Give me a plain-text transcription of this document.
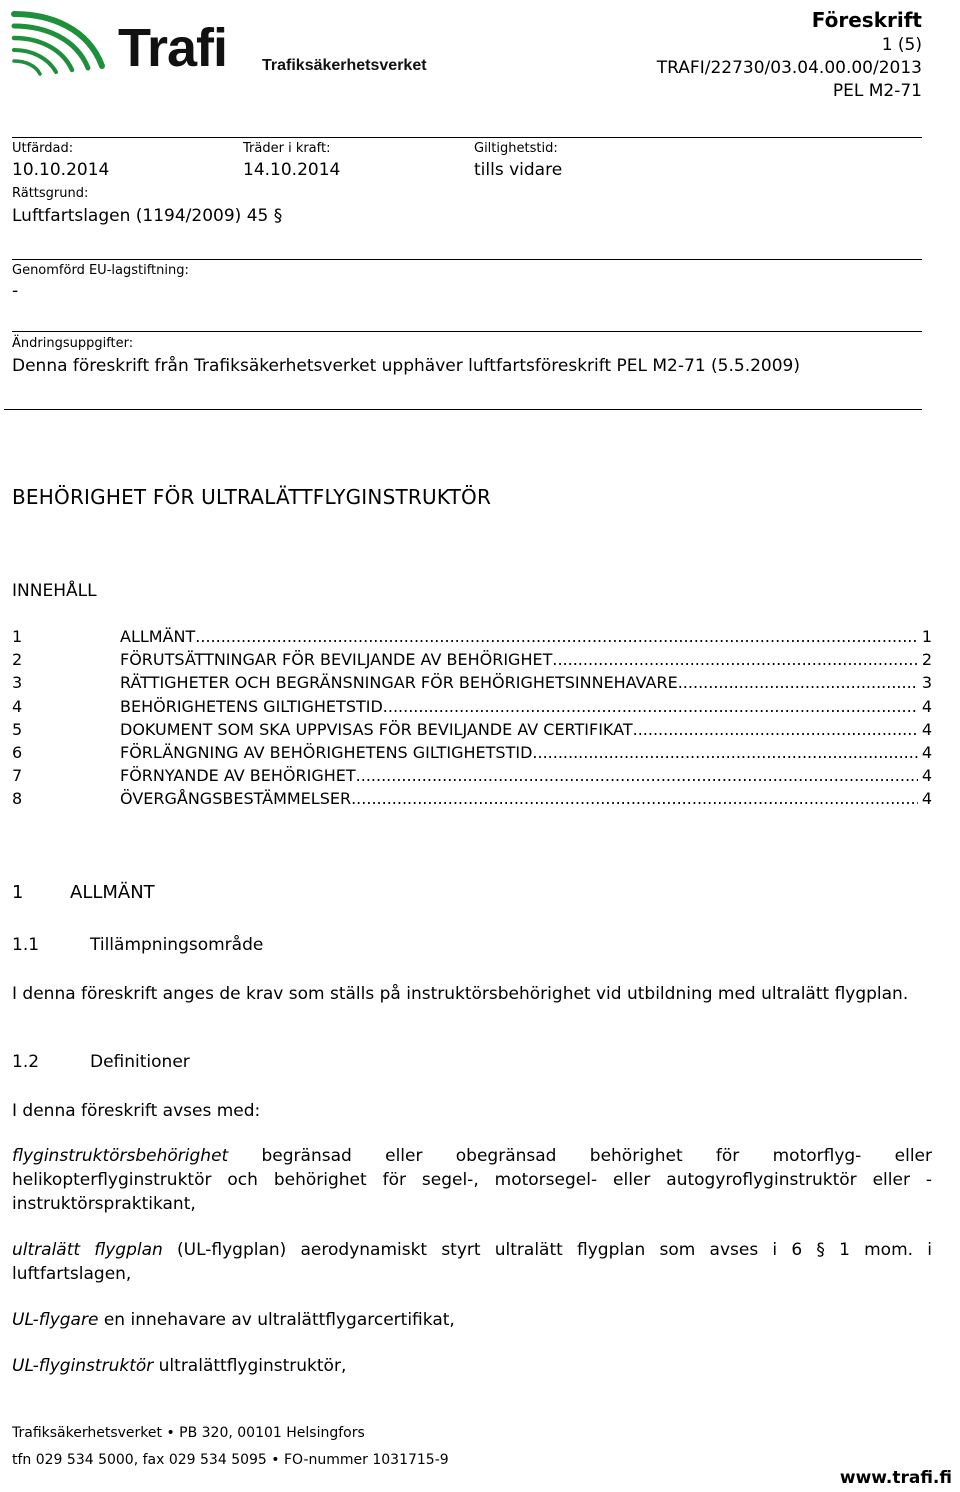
Trafi Trafiksäkerhetsverket
Föreskrift
1 (5)
TRAFI/22730/03.04.00.00/2013
PEL M2-71
Utfärdad:
10.10.2014
Träder i kraft:
14.10.2014
Giltighetstid:
tills vidare
Rättsgrund:
Luftfartslagen (1194/2009) 45 §
Genomförd EU-lagstiftning:
-
Ändringsuppgifter:
Denna föreskrift från Trafiksäkerhetsverket upphäver luftfartsföreskrift PEL M2-71 (5.5.2009)
BEHÖRIGHET FÖR ULTRALÄTTFLYGINSTRUKTÖR
INNEHÅLL
1	ALLMÄNT .....	1
2	FÖRUTSÄTTNINGAR FÖR BEVILJANDE AV BEHÖRIGHET .....	2
3	RÄTTIGHETER OCH BEGRÄNSNINGAR FÖR BEHÖRIGHETSINNEHAVARE .....	3
4	BEHÖRIGHETENS GILTIGHETSTID .....	4
5	DOKUMENT SOM SKA UPPVISAS FÖR BEVILJANDE AV CERTIFIKAT .....	4
6	FÖRLÄNGNING AV BEHÖRIGHETENS GILTIGHETSTID .....	4
7	FÖRNYANDE AV BEHÖRIGHET .....	4
8	ÖVERGÅNGSBESTÄMMELSER .....	4
1	ALLMÄNT
1.1	Tillämpningsområde
I denna föreskrift anges de krav som ställs på instruktörsbehörighet vid utbildning med ultralätt flygplan.
1.2	Definitioner
I denna föreskrift avses med:
flyginstruktörsbehörighet begränsad eller obegränsad behörighet för motorflyg- eller helikopterflyginstruktör och behörighet för segel-, motorsegel- eller autogyroflyginstruktör eller -instruktörspraktikant,
ultralätt flygplan (UL-flygplan) aerodynamiskt styrt ultralätt flygplan som avses i 6 § 1 mom. i luftfartslagen,
UL-flygare en innehavare av ultralättflygarcertifikat,
UL-flyginstruktör ultralättflyginstruktör,
Trafiksäkerhetsverket • PB 320, 00101 Helsingfors
tfn 029 534 5000, fax 029 534 5095 • FO-nummer 1031715-9
www.trafi.fi
